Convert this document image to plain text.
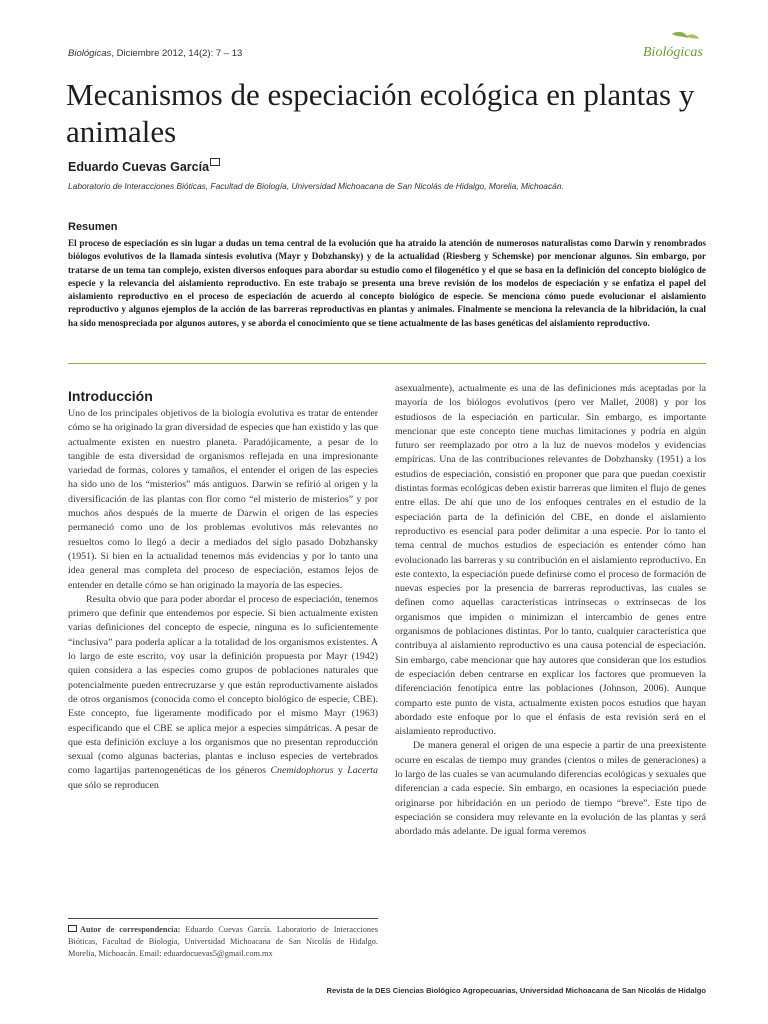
Biológicas, Diciembre 2012, 14(2): 7 – 13	Biológicas
Mecanismos de especiación ecológica en plantas y animales
Eduardo Cuevas García
Laboratorio de Interacciones Bióticas, Facultad de Biología, Universidad Michoacana de San Nicolás de Hidalgo, Morelia, Michoacán.
Resumen

El proceso de especiación es sin lugar a dudas un tema central de la evolución que ha atraido la atención de numerosos naturalistas como Darwin y renombrados biólogos evolutivos de la llamada síntesis evolutiva (Mayr y Dobzhansky) y de la actualidad (Riesberg y Schemske) por mencionar algunos. Sin embargo, por tratarse de un tema tan complejo, existen diversos enfoques para abordar su estudio como el filogenético y el que se basa en la definición del concepto biológico de especie y la relevancia del aislamiento reproductivo. En este trabajo se presenta una breve revisión de los modelos de especiación y se enfatiza el papel del aislamiento reproductivo en el proceso de especiación de acuerdo al concepto biológico de especie. Se menciona cómo puede evolucionar el aislamiento reproductivo y algunos ejemplos de la acción de las barreras reproductivas en plantas y animales. Finalmente se menciona la relevancia de la hibridación, la cual ha sido menospreciada por algunos autores, y se aborda el conocimiento que se tiene actualmente de las bases genéticas del aislamiento reproductivo.

Introducción

Uno de los principales objetivos de la biología evolutiva es tratar de entender cómo se ha originado la gran diversidad de especies que han existido y las que actualmente existen en nuestro planeta. Paradójicamente, a pesar de lo tangible de esta diversidad de organismos reflejada en una impresionante variedad de formas, colores y tamaños, el entender el origen de las especies ha sido uno de los “misterios” más antiguos. Darwin se refirió al origen y la diversificación de las plantas con flor como “el misterio de misterios” y por muchos años después de la muerte de Darwin el origen de las especies permaneció como uno de los problemas evolutivos más relevantes no resueltos como lo llegó a decir a mediados del siglo pasado Dobzhansky (1951). Si bien en la actualidad tenemos más evidencias y por lo tanto una idea general mas completa del proceso de especiación, estamos lejos de entender en detalle cómo se han originado la mayoría de las especies.

Resulta obvio que para poder abordar el proceso de especiación, tenemos primero que definir que entendemos por especie. Si bien actualmente existen varias definiciones del concepto de especie, ninguna es lo suficientemente “inclusiva” para poderla aplicar a la totalidad de los organismos existentes. A lo largo de este escrito, voy usar la definición propuesta por Mayr (1942) quien considera a las especies como grupos de poblaciones naturales que potencialmente pueden entrecruzarse y que están reproductivamente aislados de otros organismos (conocida como el concepto biológico de especie, CBE). Este concepto, fue ligeramente modificado por el mismo Mayr (1963) especificando que el CBE se aplica mejor a especies simpátricas. A pesar de que esta definición excluye a los organismos que no presentan reproducción sexual (como algunas bacterias, plantas e incluso especies de vertebrados como lagartijas partenogenéticas de los géneros Cnemidophorus y Lacerta que sólo se reproducen

asexualmente), actualmente es una de las definiciones más aceptadas por la mayoría de los biólogos evolutivos (pero ver Mallet, 2008) y por los estudiosos de la especiación en particular. Sin embargo, es importante mencionar que este concepto tiene muchas limitaciones y podría en algún futuro ser reemplazado por otro a la luz de nuevos modelos y evidencias empíricas. Una de las contribuciones relevantes de Dobzhansky (1951) a los estudios de especiación, consistió en proponer que para que puedan coexistir distintas formas ecológicas deben existir barreras que limiten el flujo de genes entre ellas. De ahí que uno de los enfoques centrales en el estudio de la especiación parta de la definición del CBE, en donde el aislamiento reproductivo es esencial para poder delimitar a una especie. Por lo tanto el tema central de muchos estudios de especiación es entender cómo han evolucionado las barreras y su contribución en el aislamiento reproductivo. En este contexto, la especiación puede definirse como el proceso de formación de nuevas especies por la presencia de barreras reproductivas, las cuales se definen como aquellas características intrínsecas o extrínsecas de los organismos que impiden o minimizan el intercambio de genes entre organismos de poblaciones distintas. Por lo tanto, cualquier característica que contribuya al aislamiento reproductivo es una causa potencial de especiación. Sin embargo, cabe mencionar que hay autores que consideran que los estudios de especiación deben centrarse en explicar los factores que promueven la diferenciación fenotípica entre las poblaciones (Johnson, 2006). Aunque comparto este punto de vista, actualmente existen pocos estudios que hayan abordado este enfoque por lo que el énfasis de esta revisión será en el aislamiento reproductivo.

De manera general el origen de una especie a partir de una preexistente ocurre en escalas de tiempo muy grandes (cientos o miles de generaciones) a lo largo de las cuales se van acumulando diferencias ecológicas y sexuales que diferencian a cada especie. Sin embargo, en ocasiones la especiación puede originarse por hibridación en un periodo de tiempo “breve”. Este tipo de especiación se considera muy relevante en la evolución de las plantas y será abordado más adelante. De igual forma veremos

Autor de correspondencia: Eduardo Cuevas García. Laboratorio de Interacciones Bióticas, Facultad de Biología, Universidad Michoacana de San Nicolás de Hidalgo. Morelia, Michoacán. Email: eduardocuevas5@gmail.com.mx

Revista de la DES Ciencias Biológico Agropecuarias, Universidad Michoacana de San Nicolás de Hidalgo
